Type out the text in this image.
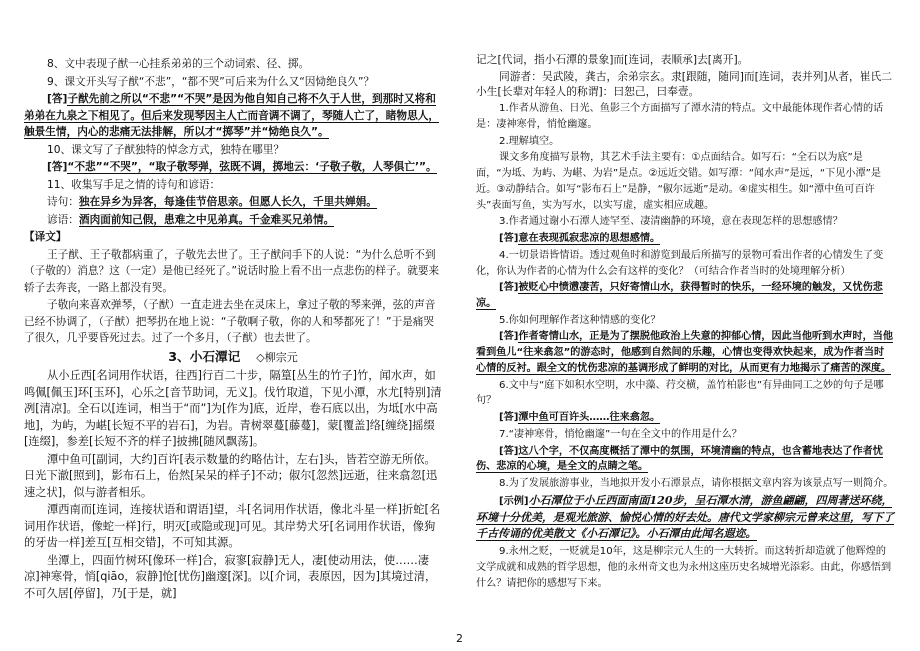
8、文中表现子猷一心挂系弟弟的三个动词索、径、掷。

9、课文开头写子猷“不悲”，“都不哭”可后来为什么又“因恸绝良久”？

[答]子猷先前之所以“不悲”“不哭”是因为他自知自己将不久于人世，到那时又将和弟弟在九泉之下相见了。但后来发现琴因主人亡而音调不调了，琴随人亡了，睹物思人，触景生情，内心的悲痛无法排解，所以才“掷琴”并“恸绝良久”。

10、课文写了子猷独特的悼念方式，独特在哪里？

[答]“不悲”“不哭”，“取子敬琴弹，弦既不调，掷地云：‘子敬子敬，人琴俱亡’”。

11、收集写手足之情的诗句和谚语：

诗句：独在异乡为异客，每逢佳节倍思亲。但愿人长久，千里共婵娟。

谚语：酒肉面前知己假，患难之中见弟真。千金难买兄弟情。

【译文】

王子猷、王子敬都病重了，子敬先去世了。王子猷问手下的人说：“为什么总听不到（子敬的）消息？这（一定）是他已经死了。”说话时脸上看不出一点悲伤的样子。就要来轿子去奔丧，一路上都没有哭。

子敬向来喜欢弹琴，（子猷）一直走进去坐在灵床上，拿过子敬的琴来弹，弦的声音已经不协调了，（子猷）把琴扔在地上说：“子敬啊子敬，你的人和琴都死了！”于是痛哭了很久，几乎要昏死过去。过了一个多月，（子猷）也去世了。

3、小石潭记 ◇柳宗元

从小丘西[名词用作状语，往西]行百二十步，隔篁[丛生的竹子]竹，闻水声，如鸣佩[佩玉]环[玉环]，心乐之[音节助词，无义]。伐竹取道，下见小潭，水尤[特别]清冽[清凉]。全石以[连词，相当于“而”]为[作为]底，近岸，卷石底以出，为坻[水中高地]，为屿，为嵁[长短不平的岩石]，为岩。青树翠蔓[藤蔓]，蒙[覆盖]络[缠绕]摇缀[连缀]，参差[长短不齐的样子]披拂[随风飘荡]。

潭中鱼可[副词，大约]百许[表示数量的约略估计，左右]头，皆若空游无所依。日光下澈[照到]，影布石上，佁然[呆呆的样子]不动；俶尔[忽然]远逝，往来翕忽[迅速之状]，似与游者相乐。

潭西南而[连词，连接状语和谓语]望，斗[名词用作状语，像北斗星一样]折蛇[名词用作状语，像蛇一样]行，明灭[或隐或现]可见。其岸势犬牙[名词用作状语，像狗的牙齿一样]差互[互相交错]，不可知其源。

坐潭上，四面竹树环[像环一样]合，寂寥[寂静]无人，凄[使动用法，使……凄凉]神寒骨，悄[qiāo，寂静]怆[忧伤]幽邃[深]。以[介词，表原因，因为]其境过清，不可久居[停留]，乃[于是，就]

记之[代词，指小石潭的景象]而[连词，表顺承]去[离开]。

同游者：吴武陵，龚古，余弟宗玄。隶[跟随，随同]而[连词，表并列]从者，崔氏二小生[长辈对年轻人的称谓]：曰恕己，曰奉壹。

1.作者从游鱼、日光、鱼影三个方面描写了潭水清的特点。文中最能体现作者心情的话是：凄神寒骨，悄怆幽邃。

2.理解填空。

课文多角度描写景物，其艺术手法主要有：①点面结合。如写石：“全石以为底”是面，“为坻、为屿、为嵁、为岩”是点。②远近交错。如写潭：“闻水声”是远，“下见小潭”是近。③动静结合。如写“影布石上”是静，“俶尔远逝”是动。④虚实相生。如“潭中鱼可百许头”表面写鱼，实为写水，以实写虚，虚实相应成趣。

3.作者通过谢小石潭人迹罕至、凄清幽静的环境，意在表现怎样的思想感情？

[答]意在表现孤寂悲凉的思想感情。

4.一切景语皆情语。透过观鱼时和游览到最后所描写的景物可看出作者的心情发生了变化，你认为作者的心情为什么会有这样的变化？（可结合作者当时的处境理解分析）

[答]被贬心中愤懑凄苦，只好寄情山水，获得暂时的快乐，一经环境的触发，又忧伤悲凉。

5.你如何理解作者这种情感的变化？

[答]作者寄情山水，正是为了摆脱他政治上失意的抑郁心情，因此当他听到水声时，当他看到鱼儿“往来翕忽”的游态时，他感到自然间的乐趣，心情也变得欢快起来，成为作者当时心情的反衬。跟全文的忧伤悲凉的基调形成了鲜明的对比，从而更有力地揭示了痛苦的深度。

6.文中与“庭下如积水空明，水中藻、荇交横，盖竹柏影也”有异曲同工之妙的句子是哪句？

[答]潭中鱼可百许头……往来翕忽。

7.“凄神寒骨，悄怆幽邃”一句在全文中的作用是什么？

[答]这八个字，不仅高度概括了潭中的氛围，环境清幽的特点，也含蓄地表达了作者忧伤、悲凉的心境，是全文的点睛之笔。

8.为了发展旅游事业，当地拟开发小石潭景点，请你根据文章内容为该景点写一则简介。

[示例]小石潭位于小丘西面南面120步，呈石潭水清，游鱼翩翩，四周著送环绕，环境十分优美，是观光旅游、愉悦心情的好去处。唐代文学家柳宗元曾来这里，写下了千古传诵的优美散文《小石潭记》。小石潭由此闻名遐迩。

9.永州之贬，一贬就是10年，这是柳宗元人生的一大转折。而这转折却造就了他辉煌的文学成就和成熟的哲学思想，他的永州奇文也为永州这座历史名城增光添彩。由此，你感悟到什么？请把你的感想写下来。

2
